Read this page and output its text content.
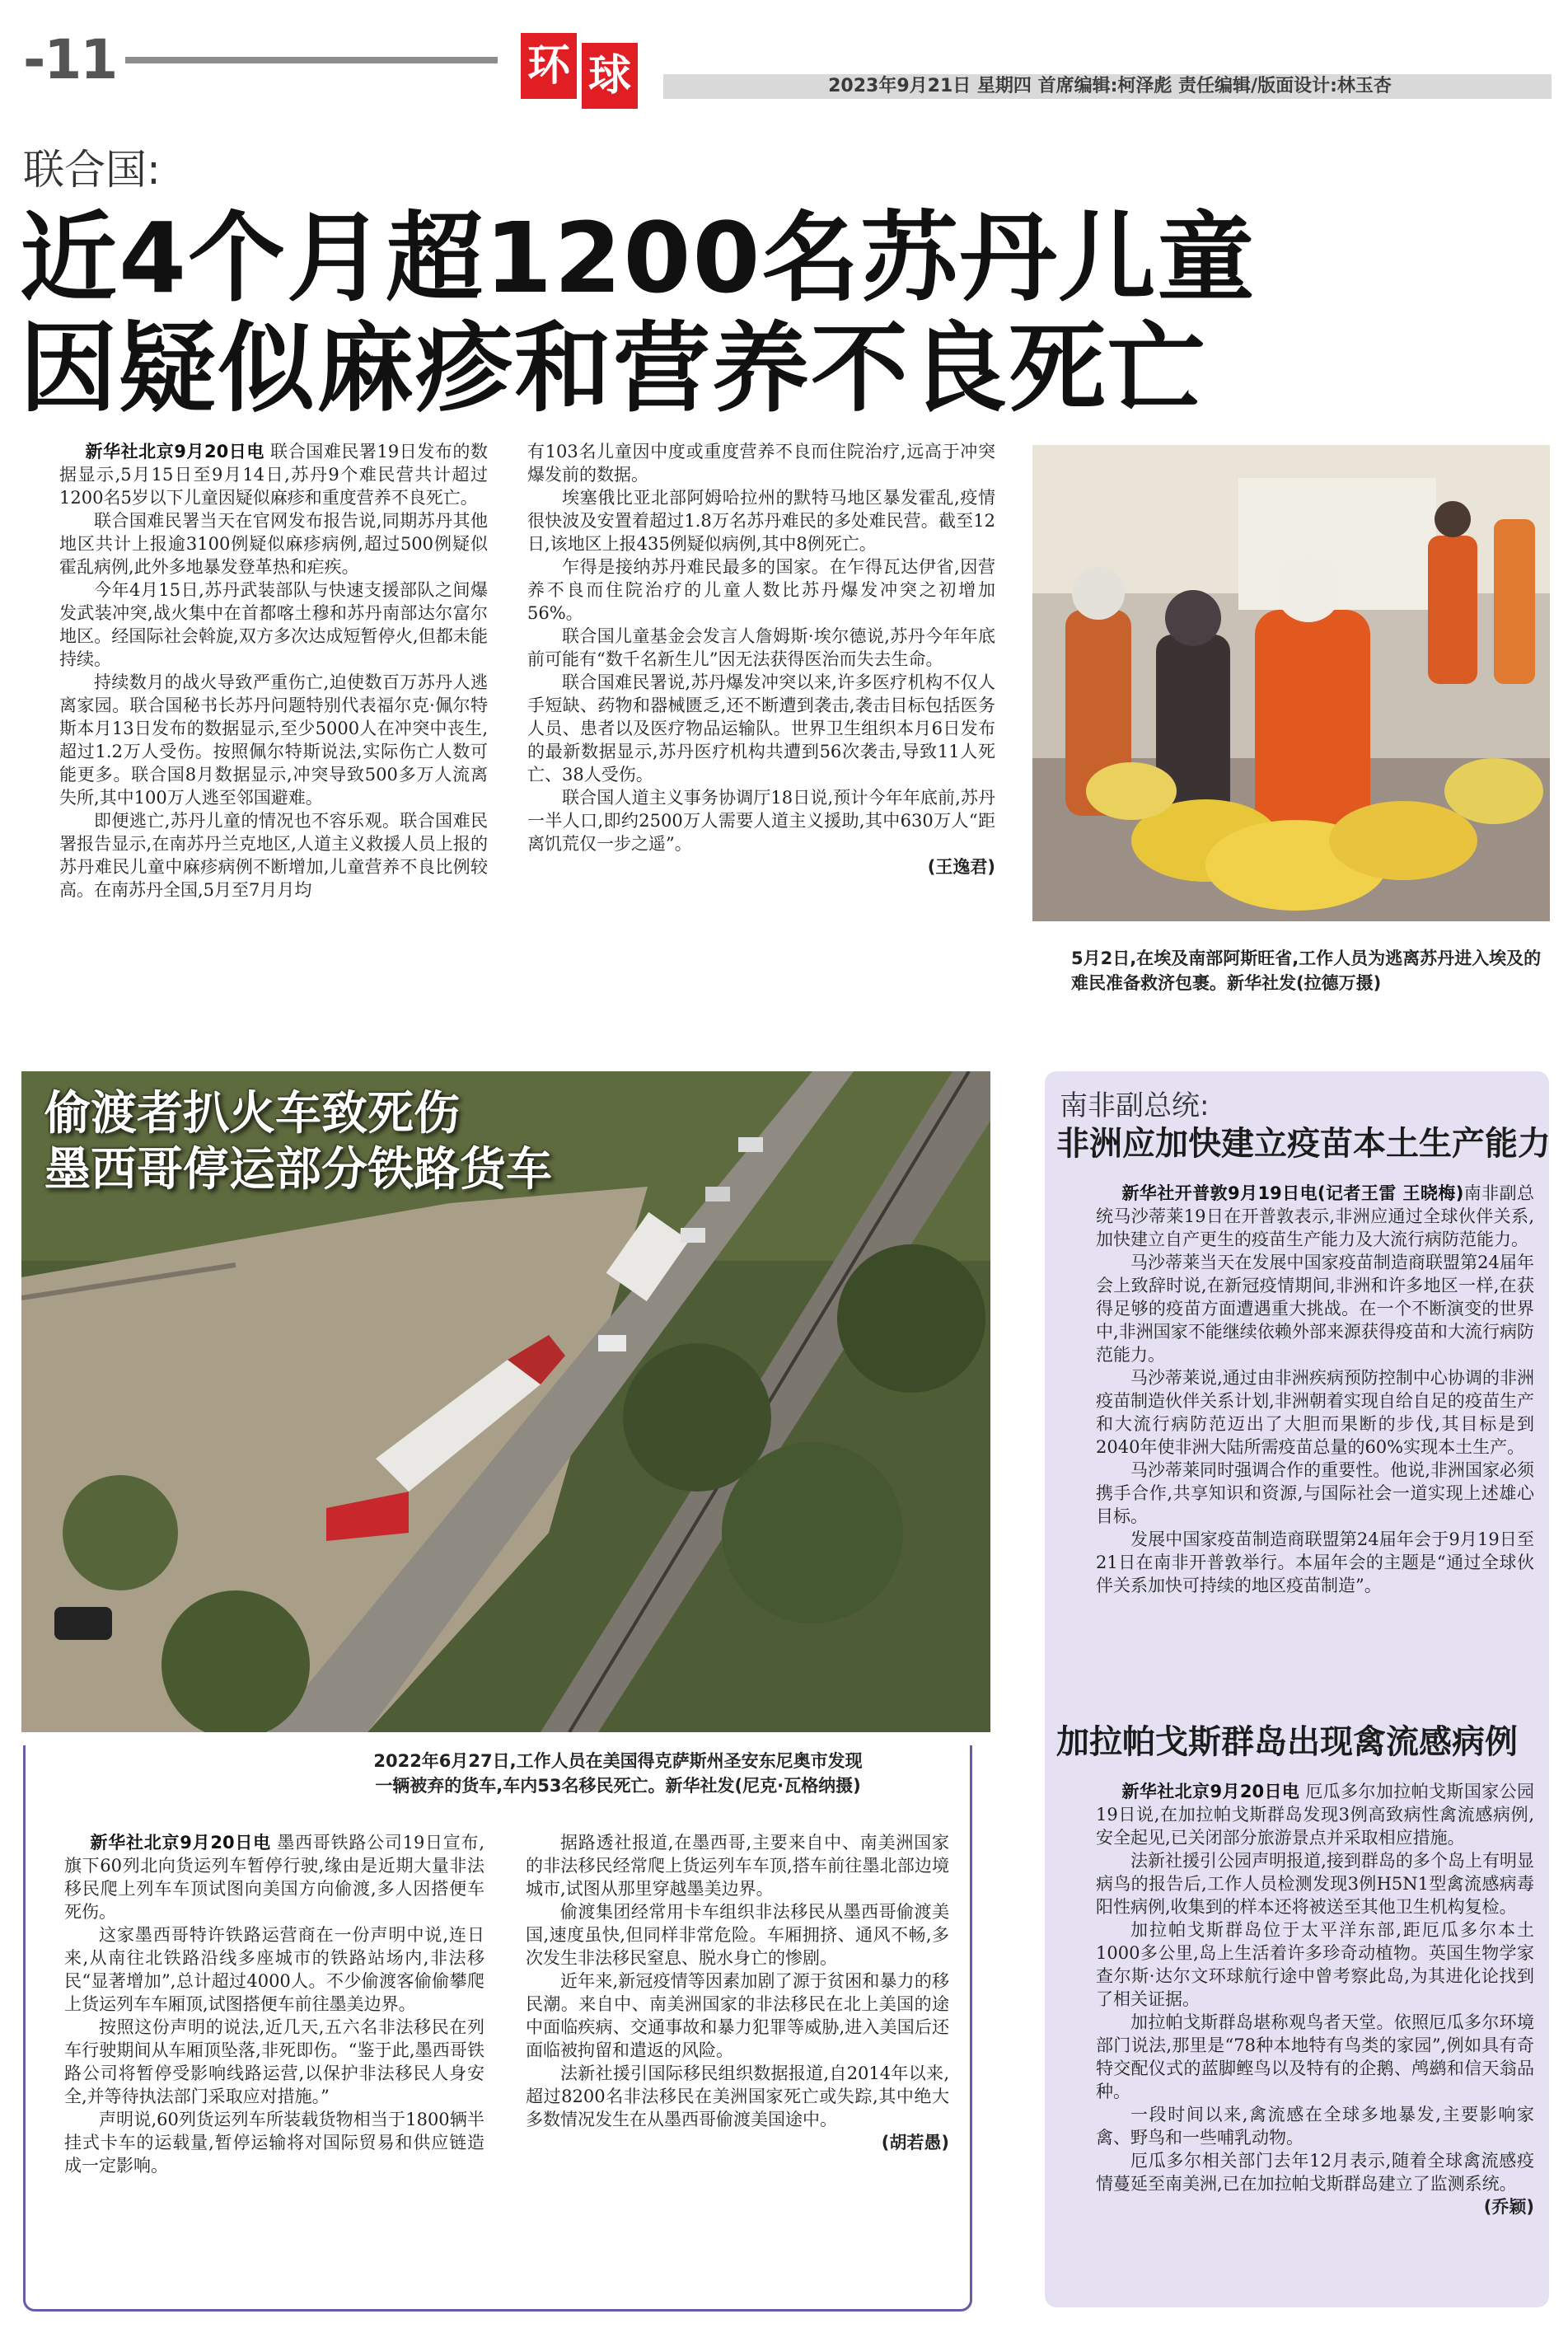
-11	环 球	2023年9月21日 星期四 首席编辑:柯泽彪 责任编辑/版面设计:林玉杏
联合国:
近4个月超1200名苏丹儿童
因疑似麻疹和营养不良死亡

新华社北京9月20日电 联合国难民署19日发布的数据显示,5月15日至9月14日,苏丹9个难民营共计超过1200名5岁以下儿童因疑似麻疹和重度营养不良死亡。

联合国难民署当天在官网发布报告说,同期苏丹其他地区共计上报逾3100例疑似麻疹病例,超过500例疑似霍乱病例,此外多地暴发登革热和疟疾。

今年4月15日,苏丹武装部队与快速支援部队之间爆发武装冲突,战火集中在首都喀土穆和苏丹南部达尔富尔地区。经国际社会斡旋,双方多次达成短暂停火,但都未能持续。

持续数月的战火导致严重伤亡,迫使数百万苏丹人逃离家园。联合国秘书长苏丹问题特别代表福尔克·佩尔特斯本月13日发布的数据显示,至少5000人在冲突中丧生,超过1.2万人受伤。按照佩尔特斯说法,实际伤亡人数可能更多。联合国8月数据显示,冲突导致500多万人流离失所,其中100万人逃至邻国避难。

即便逃亡,苏丹儿童的情况也不容乐观。联合国难民署报告显示,在南苏丹兰克地区,人道主义救援人员上报的苏丹难民儿童中麻疹病例不断增加,儿童营养不良比例较高。在南苏丹全国,5月至7月月均

有103名儿童因中度或重度营养不良而住院治疗,远高于冲突爆发前的数据。

埃塞俄比亚北部阿姆哈拉州的默特马地区暴发霍乱,疫情很快波及安置着超过1.8万名苏丹难民的多处难民营。截至12日,该地区上报435例疑似病例,其中8例死亡。

乍得是接纳苏丹难民最多的国家。在乍得瓦达伊省,因营养不良而住院治疗的儿童人数比苏丹爆发冲突之初增加56%。

联合国儿童基金会发言人詹姆斯·埃尔德说,苏丹今年年底前可能有“数千名新生儿”因无法获得医治而失去生命。

联合国难民署说,苏丹爆发冲突以来,许多医疗机构不仅人手短缺、药物和器械匮乏,还不断遭到袭击,袭击目标包括医务人员、患者以及医疗物品运输队。世界卫生组织本月6日发布的最新数据显示,苏丹医疗机构共遭到56次袭击,导致11人死亡、38人受伤。

联合国人道主义事务协调厅18日说,预计今年年底前,苏丹一半人口,即约2500万人需要人道主义援助,其中630万人“距离饥荒仅一步之遥”。

(王逸君)

5月2日,在埃及南部阿斯旺省,工作人员为逃离苏丹进入埃及的难民准备救济包裹。新华社发(拉德万摄)
偷渡者扒火车致死伤
墨西哥停运部分铁路货车
2022年6月27日,工作人员在美国得克萨斯州圣安东尼奥市发现
一辆被弃的货车,车内53名移民死亡。新华社发(尼克·瓦格纳摄)

新华社北京9月20日电 墨西哥铁路公司19日宣布,旗下60列北向货运列车暂停行驶,缘由是近期大量非法移民爬上列车车顶试图向美国方向偷渡,多人因搭便车死伤。

这家墨西哥特许铁路运营商在一份声明中说,连日来,从南往北铁路沿线多座城市的铁路站场内,非法移民“显著增加”,总计超过4000人。不少偷渡客偷偷攀爬上货运列车车厢顶,试图搭便车前往墨美边界。

按照这份声明的说法,近几天,五六名非法移民在列车行驶期间从车厢顶坠落,非死即伤。“鉴于此,墨西哥铁路公司将暂停受影响线路运营,以保护非法移民人身安全,并等待执法部门采取应对措施。”

声明说,60列货运列车所装载货物相当于1800辆半挂式卡车的运载量,暂停运输将对国际贸易和供应链造成一定影响。

据路透社报道,在墨西哥,主要来自中、南美洲国家的非法移民经常爬上货运列车车顶,搭车前往墨北部边境城市,试图从那里穿越墨美边界。

偷渡集团经常用卡车组织非法移民从墨西哥偷渡美国,速度虽快,但同样非常危险。车厢拥挤、通风不畅,多次发生非法移民窒息、脱水身亡的惨剧。

近年来,新冠疫情等因素加剧了源于贫困和暴力的移民潮。来自中、南美洲国家的非法移民在北上美国的途中面临疾病、交通事故和暴力犯罪等威胁,进入美国后还面临被拘留和遣返的风险。

法新社援引国际移民组织数据报道,自2014年以来,超过8200名非法移民在美洲国家死亡或失踪,其中绝大多数情况发生在从墨西哥偷渡美国途中。

(胡若愚)

南非副总统:
非洲应加快建立疫苗本土生产能力

新华社开普敦9月19日电(记者王雷 王晓梅)南非副总统马沙蒂莱19日在开普敦表示,非洲应通过全球伙伴关系,加快建立自产更生的疫苗生产能力及大流行病防范能力。

马沙蒂莱当天在发展中国家疫苗制造商联盟第24届年会上致辞时说,在新冠疫情期间,非洲和许多地区一样,在获得足够的疫苗方面遭遇重大挑战。在一个不断演变的世界中,非洲国家不能继续依赖外部来源获得疫苗和大流行病防范能力。

马沙蒂莱说,通过由非洲疾病预防控制中心协调的非洲疫苗制造伙伴关系计划,非洲朝着实现自给自足的疫苗生产和大流行病防范迈出了大胆而果断的步伐,其目标是到2040年使非洲大陆所需疫苗总量的60%实现本土生产。

马沙蒂莱同时强调合作的重要性。他说,非洲国家必须携手合作,共享知识和资源,与国际社会一道实现上述雄心目标。

发展中国家疫苗制造商联盟第24届年会于9月19日至21日在南非开普敦举行。本届年会的主题是“通过全球伙伴关系加快可持续的地区疫苗制造”。

加拉帕戈斯群岛出现禽流感病例

新华社北京9月20日电 厄瓜多尔加拉帕戈斯国家公园19日说,在加拉帕戈斯群岛发现3例高致病性禽流感病例,安全起见,已关闭部分旅游景点并采取相应措施。

法新社援引公园声明报道,接到群岛的多个岛上有明显病鸟的报告后,工作人员检测发现3例H5N1型禽流感病毒阳性病例,收集到的样本还将被送至其他卫生机构复检。

加拉帕戈斯群岛位于太平洋东部,距厄瓜多尔本土1000多公里,岛上生活着许多珍奇动植物。英国生物学家查尔斯·达尔文环球航行途中曾考察此岛,为其进化论找到了相关证据。

加拉帕戈斯群岛堪称观鸟者天堂。依照厄瓜多尔环境部门说法,那里是“78种本地特有鸟类的家园”,例如具有奇特交配仪式的蓝脚鲣鸟以及特有的企鹅、鸬鹚和信天翁品种。

一段时间以来,禽流感在全球多地暴发,主要影响家禽、野鸟和一些哺乳动物。

厄瓜多尔相关部门去年12月表示,随着全球禽流感疫情蔓延至南美洲,已在加拉帕戈斯群岛建立了监测系统。

(乔颖)
